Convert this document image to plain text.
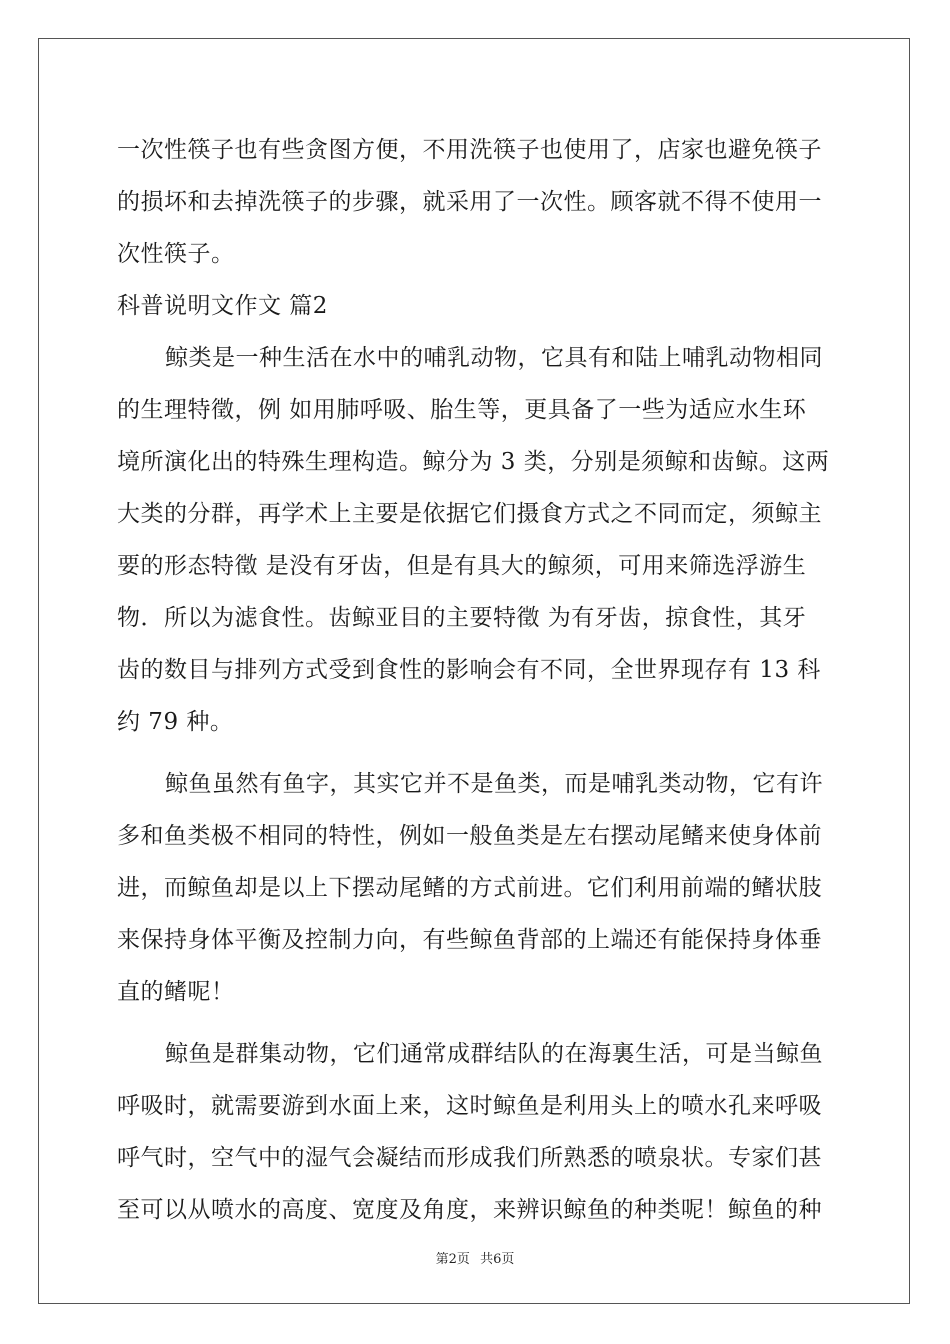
一次性筷子也有些贪图方便，不用洗筷子也使用了，店家也避免筷子
的损坏和去掉洗筷子的步骤，就采用了一次性。顾客就不得不使用一
次性筷子。
科普说明文作文 篇2
鲸类是一种生活在水中的哺乳动物，它具有和陆上哺乳动物相同
的生理特徵，例 如用肺呼吸、胎生等，更具备了一些为适应水生环
境所演化出的特殊生理构造。鲸分为 3 类，分别是须鲸和齿鲸。这两
大类的分群，再学术上主要是依据它们摄食方式之不同而定，须鲸主
要的形态特徵 是没有牙齿，但是有具大的鲸须，可用来筛选浮游生
物．所以为滤食性。齿鲸亚目的主要特徵 为有牙齿，掠食性，其牙
齿的数目与排列方式受到食性的影响会有不同，全世界现存有 13 科
约 79 种。
鲸鱼虽然有鱼字，其实它并不是鱼类，而是哺乳类动物，它有许
多和鱼类极不相同的特性，例如一般鱼类是左右摆动尾鳍来使身体前
进，而鲸鱼却是以上下摆动尾鳍的方式前进。它们利用前端的鳍状肢
来保持身体平衡及控制力向，有些鲸鱼背部的上端还有能保持身体垂
直的鳍呢！
鲸鱼是群集动物，它们通常成群结队的在海裏生活，可是当鲸鱼
呼吸时，就需要游到水面上来，这时鲸鱼是利用头上的喷水孔来呼吸
呼气时，空气中的湿气会凝结而形成我们所熟悉的喷泉状。专家们甚
至可以从喷水的高度、宽度及角度，来辨识鲸鱼的种类呢！鲸鱼的种
第2页 共6页
